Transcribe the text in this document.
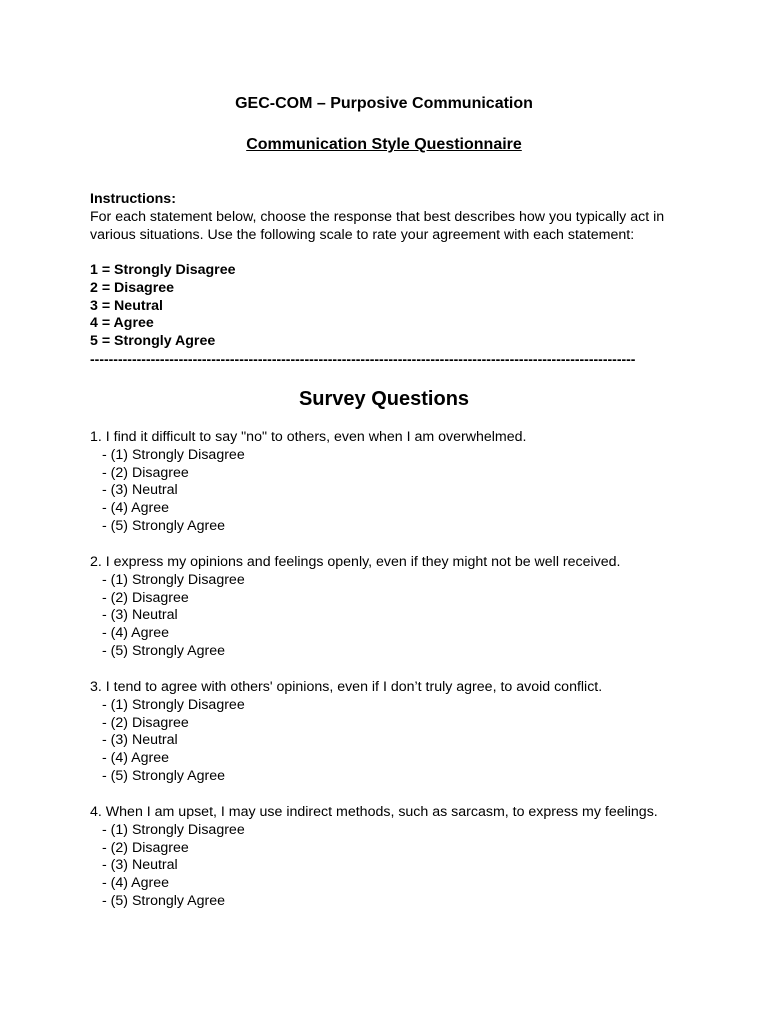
GEC-COM – Purposive Communication
Communication Style Questionnaire
Instructions:
For each statement below, choose the response that best describes how you typically act in various situations. Use the following scale to rate your agreement with each statement:
1 = Strongly Disagree
2 = Disagree
3 = Neutral
4 = Agree
5 = Strongly Agree
---------------------------------------------------------------------------------------------------------------------
Survey Questions
1. I find it difficult to say "no" to others, even when I am overwhelmed.
- (1) Strongly Disagree
- (2) Disagree
- (3) Neutral
- (4) Agree
- (5) Strongly Agree
2. I express my opinions and feelings openly, even if they might not be well received.
- (1) Strongly Disagree
- (2) Disagree
- (3) Neutral
- (4) Agree
- (5) Strongly Agree
3. I tend to agree with others' opinions, even if I don’t truly agree, to avoid conflict.
- (1) Strongly Disagree
- (2) Disagree
- (3) Neutral
- (4) Agree
- (5) Strongly Agree
4. When I am upset, I may use indirect methods, such as sarcasm, to express my feelings.
- (1) Strongly Disagree
- (2) Disagree
- (3) Neutral
- (4) Agree
- (5) Strongly Agree
